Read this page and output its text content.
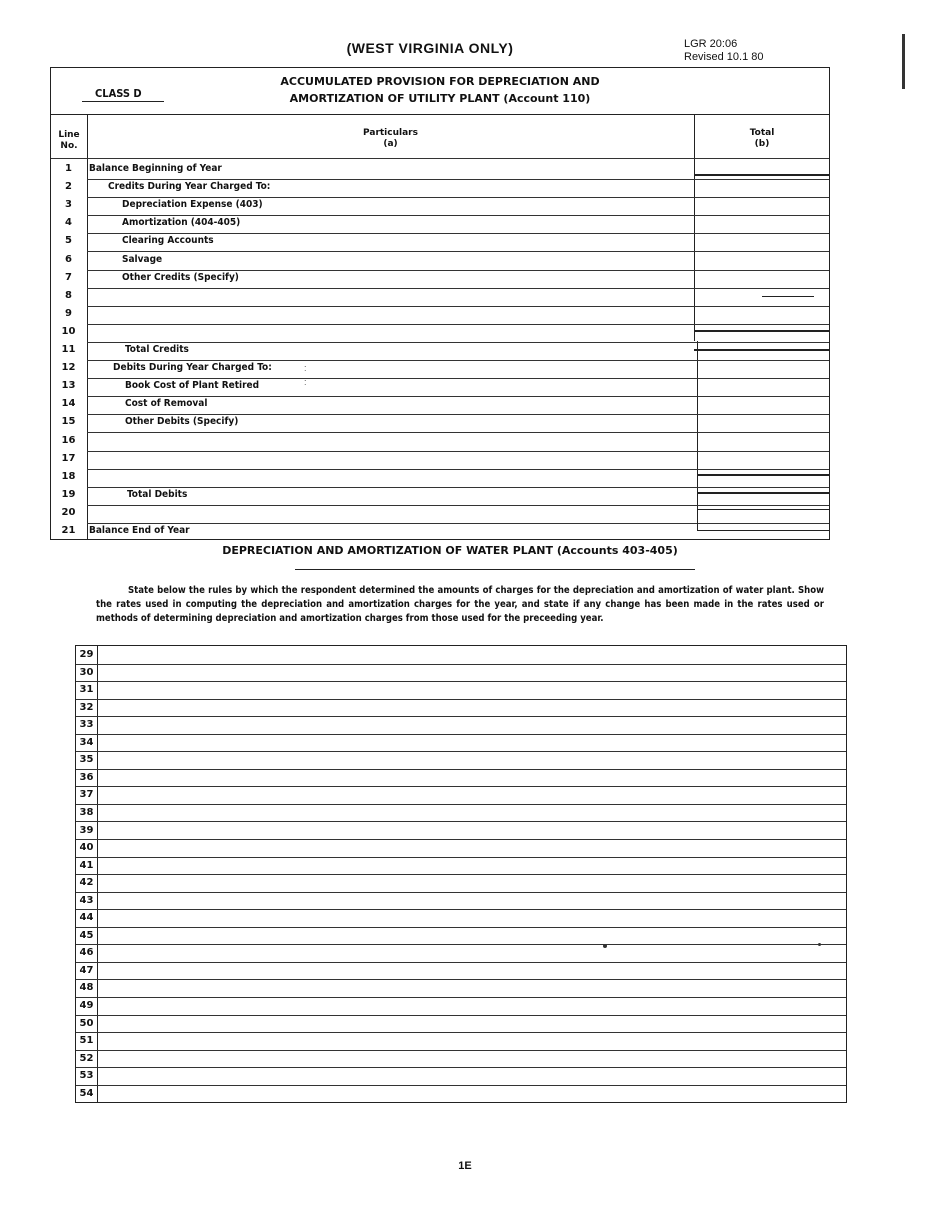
(WEST VIRGINIA ONLY)	LGR 20:06
Revised 10.1 80
CLASS D
ACCUMULATED PROVISION FOR DEPRECIATION AND
AMORTIZATION OF UTILITY PLANT (Account 110)
Line
No.
Particulars
(a)
Total
(b)
1	Balance Beginning of Year
2	Credits During Year Charged To:
3	Depreciation Expense (403)
4	Amortization (404-405)
5	Clearing Accounts
6	Salvage
7	Other Credits (Specify)
8
9
10
11	Total Credits
12	Debits During Year Charged To:
13	Book Cost of Plant Retired
14	Cost of Removal
15	Other Debits (Specify)
16
17
18
19	Total Debits
20
21	Balance End of Year
:
:
DEPRECIATION AND AMORTIZATION OF WATER PLANT (Accounts 403-405)
State below the rules by which the respondent determined the amounts of charges for the depreciation and amortization of water plant. Show the rates used in computing the depreciation and amortization charges for the year, and state if any change has been made in the rates used or methods of determining depreciation and amortization charges from those used for the preceeding year.
29
30
31
32
33
34
35
36
37
38
39
40
41
42
43
44
45
46
47
48
49
50
51
52
53
54
1E
